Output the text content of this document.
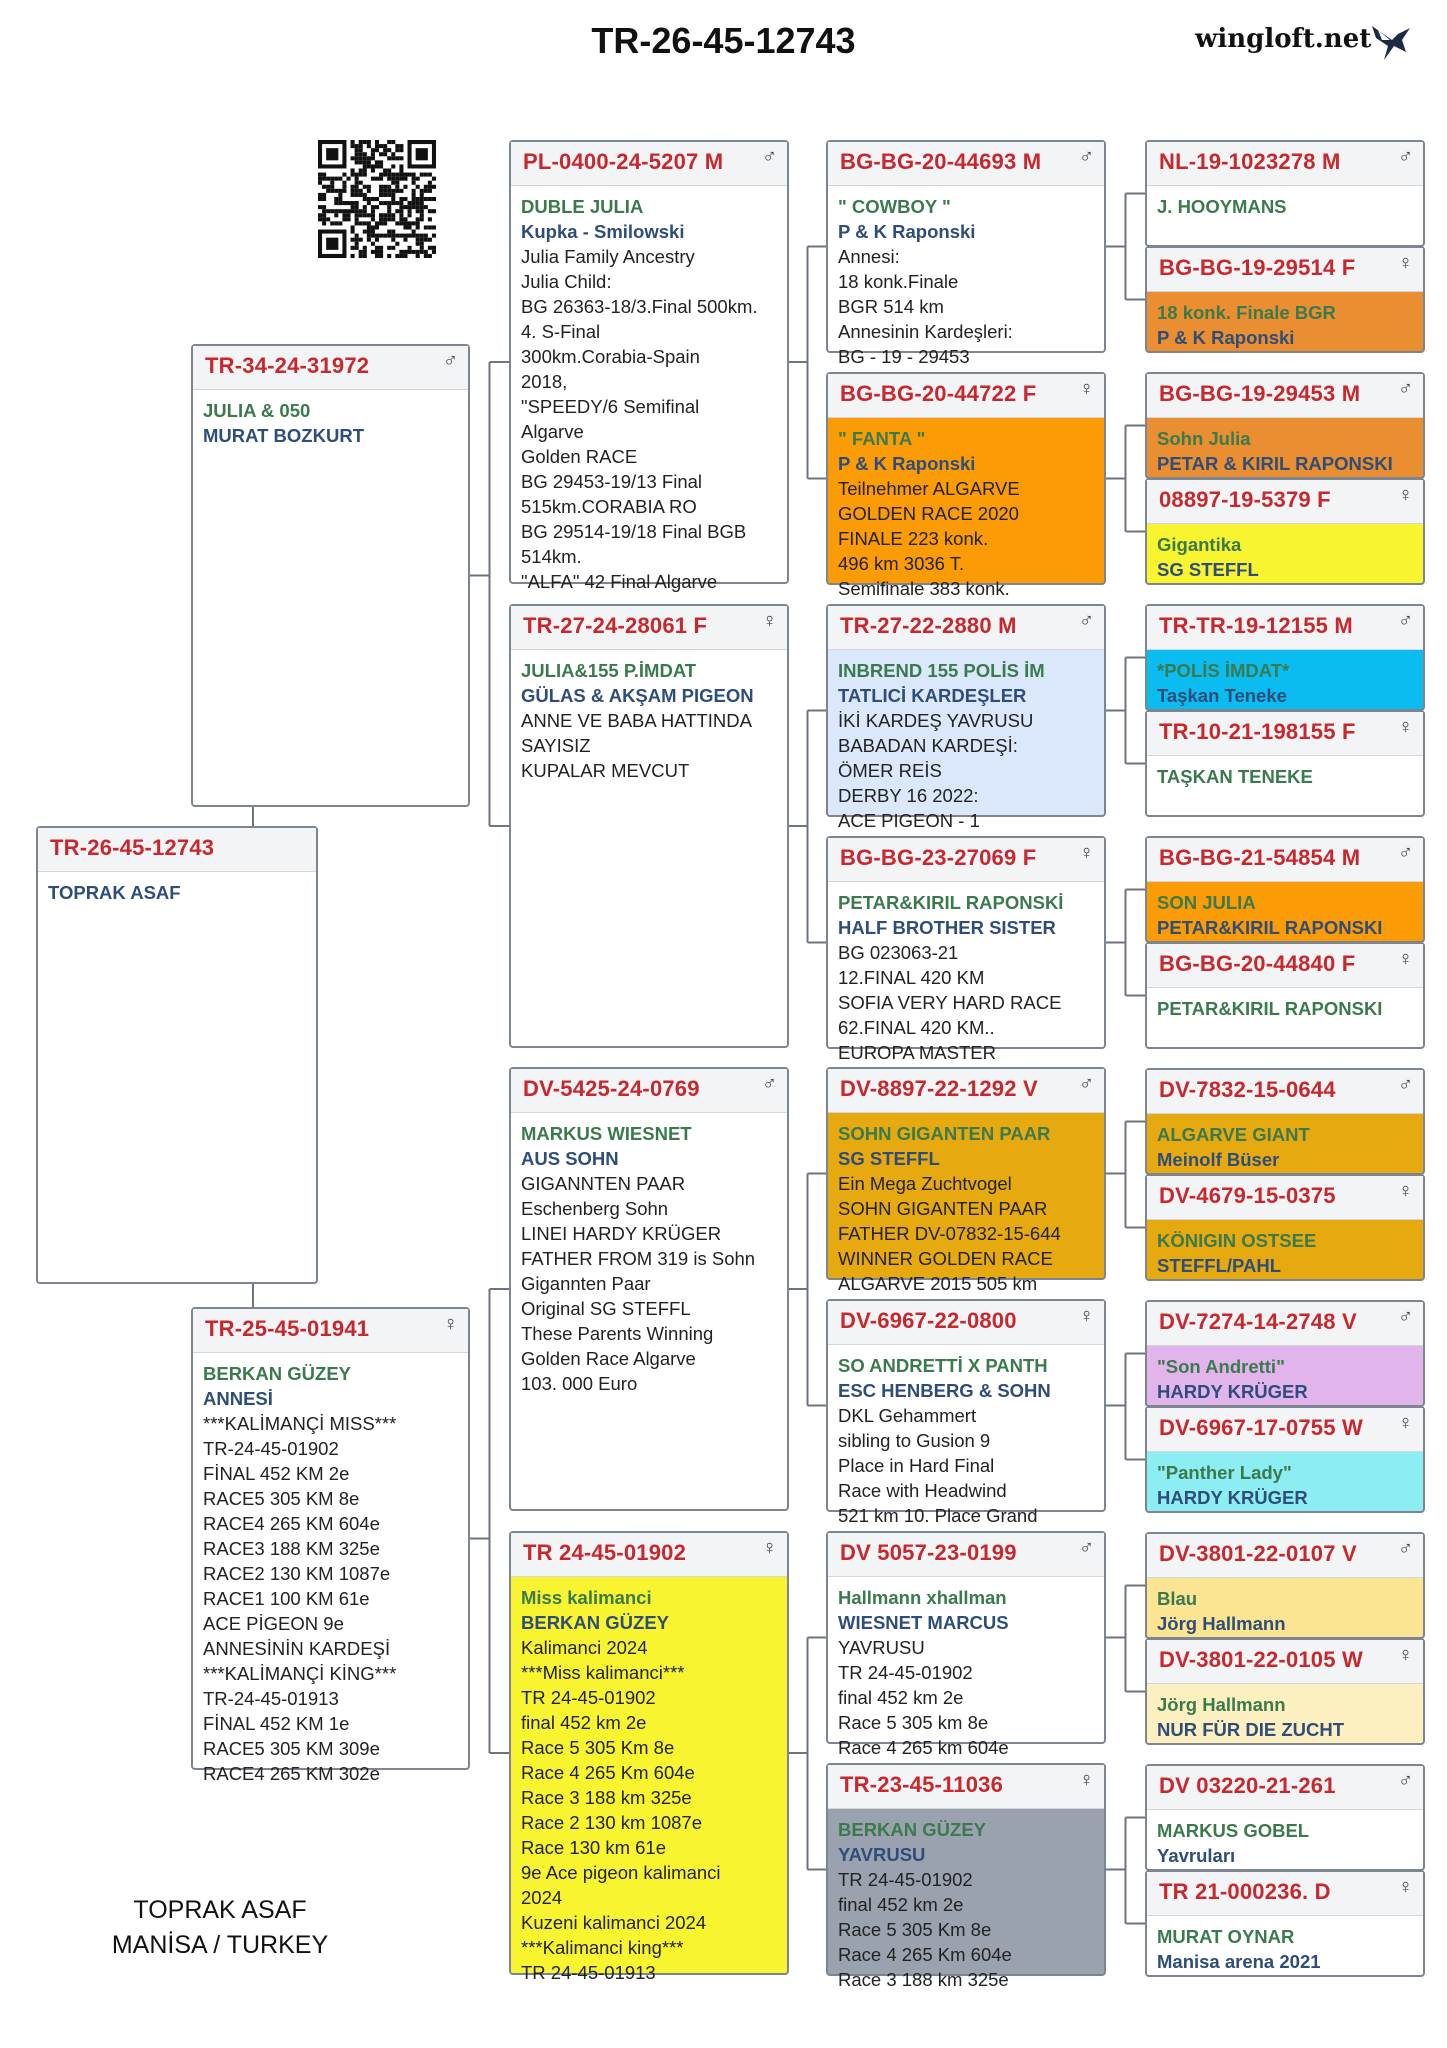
TR-26-45-12743	wingloft.net
TR-26-45-12743
TOPRAK ASAF
TR-34-24-31972	♂
JULIA & 050
MURAT BOZKURT
TR-25-45-01941	♀
BERKAN GÜZEY
ANNESİ
***KALİMANÇİ MISS***
TR-24-45-01902
FİNAL 452 KM 2e
RACE5 305 KM 8e
RACE4 265 KM 604e
RACE3 188 KM 325e
RACE2 130 KM 1087e
RACE1 100 KM 61e
ACE PİGEON 9e
ANNESİNİN KARDEŞİ
***KALİMANÇİ KİNG***
TR-24-45-01913
FİNAL 452 KM 1e
RACE5 305 KM 309e
RACE4 265 KM 302e
PL-0400-24-5207 M	♂
DUBLE JULIA
Kupka - Smilowski
Julia Family Ancestry
Julia Child:
BG 26363-18/3.Final 500km.
4. S-Final
300km.Corabia-Spain
2018,
"SPEEDY/6 Semifinal
Algarve
Golden RACE
BG 29453-19/13 Final
515km.CORABIA RO
BG 29514-19/18 Final BGB
514km.
"ALFA" 42 Final Algarve
TR-27-24-28061 F	♀
JULIA&155 P.İMDAT
GÜLAS & AKŞAM PIGEON
ANNE VE BABA HATTINDA
SAYISIZ
KUPALAR MEVCUT
DV-5425-24-0769	♂
MARKUS WIESNET
AUS SOHN
GIGANNTEN PAAR
Eschenberg Sohn
LINEI HARDY KRÜGER
FATHER FROM 319 is Sohn
Gigannten Paar
Original SG STEFFL
These Parents Winning
Golden Race Algarve
103. 000 Euro
TR 24-45-01902	♀
Miss kalimanci
BERKAN GÜZEY
Kalimanci 2024
***Miss kalimanci***
TR 24-45-01902
final 452 km 2e
Race 5 305 Km 8e
Race 4 265 Km 604e
Race 3 188 km 325e
Race 2 130 km 1087e
Race 130 km 61e
9e Ace pigeon kalimanci
2024
Kuzeni kalimanci 2024
***Kalimanci king***
TR 24-45-01913
BG-BG-20-44693 M	♂
" COWBOY "
P & K Raponski
Annesi:
18 konk.Finale
BGR 514 km
Annesinin Kardeşleri:
BG - 19 - 29453
BG-BG-20-44722 F	♀
" FANTA "
P & K Raponski
Teilnehmer ALGARVE
GOLDEN RACE 2020
FINALE 223 konk.
496 km 3036 T.
Semifinale 383 konk.
TR-27-22-2880 M	♂
INBREND 155 POLİS İM
TATLICİ KARDEŞLER
İKİ KARDEŞ YAVRUSU
BABADAN KARDEŞİ:
ÖMER REİS
DERBY 16 2022:
ACE PIGEON - 1
BG-BG-23-27069 F	♀
PETAR&KIRIL RAPONSKİ
HALF BROTHER SISTER
BG 023063-21
12.FINAL 420 KM
SOFIA VERY HARD RACE
62.FINAL 420 KM..
EUROPA MASTER
DV-8897-22-1292 V	♂
SOHN GIGANTEN PAAR
SG STEFFL
Ein Mega Zuchtvogel
SOHN GIGANTEN PAAR
FATHER DV-07832-15-644
WINNER GOLDEN RACE
ALGARVE 2015 505 km
DV-6967-22-0800	♀
SO ANDRETTİ X PANTH
ESC HENBERG & SOHN
DKL Gehammert
sibling to Gusion 9
Place in Hard Final
Race with Headwind
521 km 10. Place Grand
DV 5057-23-0199	♂
Hallmann xhallman
WIESNET MARCUS
YAVRUSU
TR 24-45-01902
final 452 km 2e
Race 5 305 km 8e
Race 4 265 km 604e
TR-23-45-11036	♀
BERKAN GÜZEY
YAVRUSU
TR 24-45-01902
final 452 km 2e
Race 5 305 Km 8e
Race 4 265 Km 604e
Race 3 188 km 325e
NL-19-1023278 M	♂
J. HOOYMANS
BG-BG-19-29514 F	♀
18 konk. Finale BGR
P & K Raponski
BG-BG-19-29453 M	♂
Sohn Julia
PETAR & KIRIL RAPONSKI
08897-19-5379 F	♀
Gigantika
SG STEFFL
TR-TR-19-12155 M	♂
*POLİS İMDAT*
Taşkan Teneke
TR-10-21-198155 F	♀
TAŞKAN TENEKE
BG-BG-21-54854 M	♂
SON JULIA
PETAR&KIRIL RAPONSKI
BG-BG-20-44840 F	♀
PETAR&KIRIL RAPONSKI
DV-7832-15-0644	♂
ALGARVE GIANT
Meinolf Büser
DV-4679-15-0375	♀
KÖNIGIN OSTSEE
STEFFL/PAHL
DV-7274-14-2748 V	♂
"Son Andretti"
HARDY KRÜGER
DV-6967-17-0755 W	♀
"Panther Lady"
HARDY KRÜGER
DV-3801-22-0107 V	♂
Blau
Jörg Hallmann
DV-3801-22-0105 W	♀
Jörg Hallmann
NUR FÜR DIE ZUCHT
DV 03220-21-261	♂
MARKUS GOBEL
Yavruları
TR 21-000236. D	♀
MURAT OYNAR
Manisa arena 2021
TOPRAK ASAF
MANİSA / TURKEY
